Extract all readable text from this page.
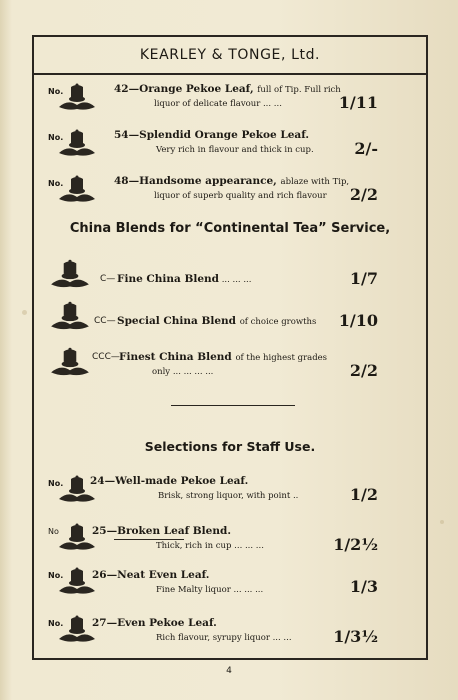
KEARLEY & TONGE, Ltd.
No.	42—Orange Pekoe Leaf, full of Tip. Full rich
liquor of delicate flavour ... ...	1/11
No.	54—Splendid Orange Pekoe Leaf.
Very rich in flavour and thick in cup.	2/-
No.	48—Handsome appearance, ablaze with Tip,
liquor of superb quality and rich flavour	2/2
China Blends for “Continental Tea” Service,
C— Fine China Blend ... ... ...	1/7
CC— Special China Blend of choice growths 1/10
CCC— Finest China Blend of the highest grades
only ... ... ... ...	2/2
Selections for Staff Use.
No.	24—Well-made Pekoe Leaf.
Brisk, strong liquor, with point ..	1/2
No	25—Broken Leaf Blend.
Thick, rich in cup ... ... ...	1/2½
No.	26—Neat Even Leaf.
Fine Malty liquor ... ... ...	1/3
No.	27—Even Pekoe Leaf.
Rich flavour, syrupy liquor ... ...	1/3½
4
